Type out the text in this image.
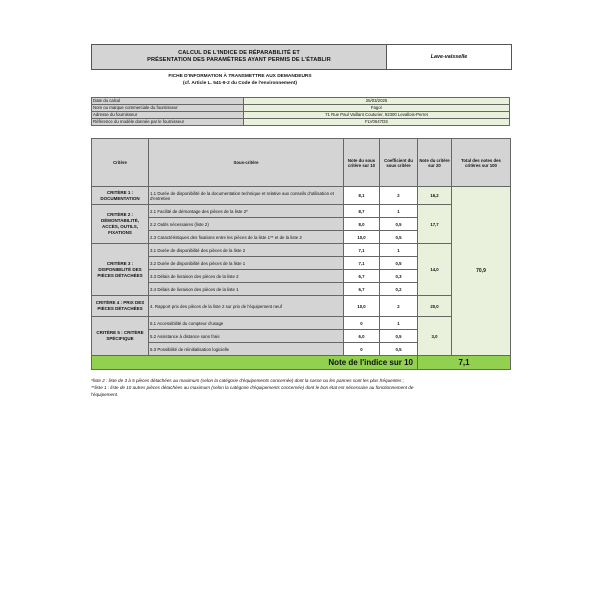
CALCUL DE L'INDICE DE RÉPARABILITÉ ET
PRÉSENTATION DES PARAMÈTRES AYANT PERMIS DE L'ÉTABLIR	Lave-vaisselle
FICHE D'INFORMATION À TRANSMETTRE AUX DEMANDEURS
(cf. Article L. 541-9-2 du Code de l'environnement)
Date du calcul	25/03/2025
Nom ou marque commerciale du fournisseur	Fagor
Adresse du fournisseur	71 Rue Paul Vaillant Couturier, 92300 Levallois-Perret
Référence du modèle donnée par le fournisseur	FLV0647DS
Critère	Sous-critère	Note du sous critère sur 10	Coefficient du sous critère	Note du critère sur 20	Total des notes des critères sur 100
CRITÈRE 1 : DOCUMENTATION	1.1 Durée de disponibilité de la documentation technique et relative aux conseils d'utilisation et d'entretien	8,1	2	16,2	70,9
CRITÈRE 2 : DÉMONTABILITÉ, ACCÈS, OUTILS, FIXATIONS	2.1 Facilité de démontage des pièces de la liste 2*	8,7	1	17,7	
	2.2 Outils nécessaires (liste 2)	8,0	0,5		
	2.3 Caractéristiques des fixations entre les pièces de la liste 1** et de la liste 2	10,0	0,5		
CRITÈRE 3 : DISPONIBILITÉ DES PIÈCES DÉTACHÉES	3.1 Durée de disponibilité des pièces de la liste 2	7,1	1	14,0	
	3.2 Durée de disponibilité des pièces de la liste 1	7,1	0,5		
	3.3 Délais de livraison des pièces de la liste 2	6,7	0,3		
	3.4 Délais de livraison des pièces de la liste 1	6,7	0,2		
CRITÈRE 4 : PRIX DES PIÈCES DÉTACHÉES	4. Rapport prix des pièces de la liste 2 sur prix de l'équipement neuf	10,0	2	20,0	
CRITÈRE 5 : CRITÈRE SPÉCIFIQUE	5.1 Accessibilité du compteur d'usage	0	1	3,0	
	5.2 Assistance à distance sans frais	6,0	0,5		
	5.3 Possibilité de réinitialisation logicielle	0	0,5		
Note de l'indice sur 10				7,1	
*liste 2 : liste de 3 à 5 pièces détachées au maximum (selon la catégorie d'équipements concernée) dont la casse ou les pannes sont les plus fréquentes ;
**liste 1 : liste de 10 autres pièces détachées au maximum (selon la catégorie d'équipements concernée) dont le bon état est nécessaire au fonctionnement de
l'équipement.
